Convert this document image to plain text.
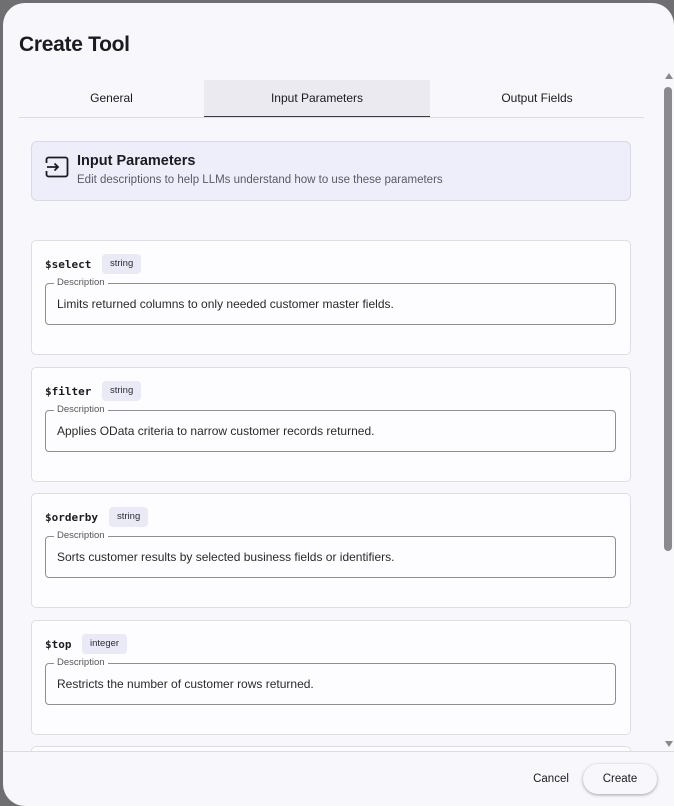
Create Tool
General	Input Parameters	Output Fields
Input Parameters
Edit descriptions to help LLMs understand how to use these parameters
$select	string
Description
Limits returned columns to only needed customer master fields.
$filter	string
Description
Applies OData criteria to narrow customer records returned.
$orderby	string
Description
Sorts customer results by selected business fields or identifiers.
$top	integer
Description
Restricts the number of customer rows returned.
Cancel	Create
